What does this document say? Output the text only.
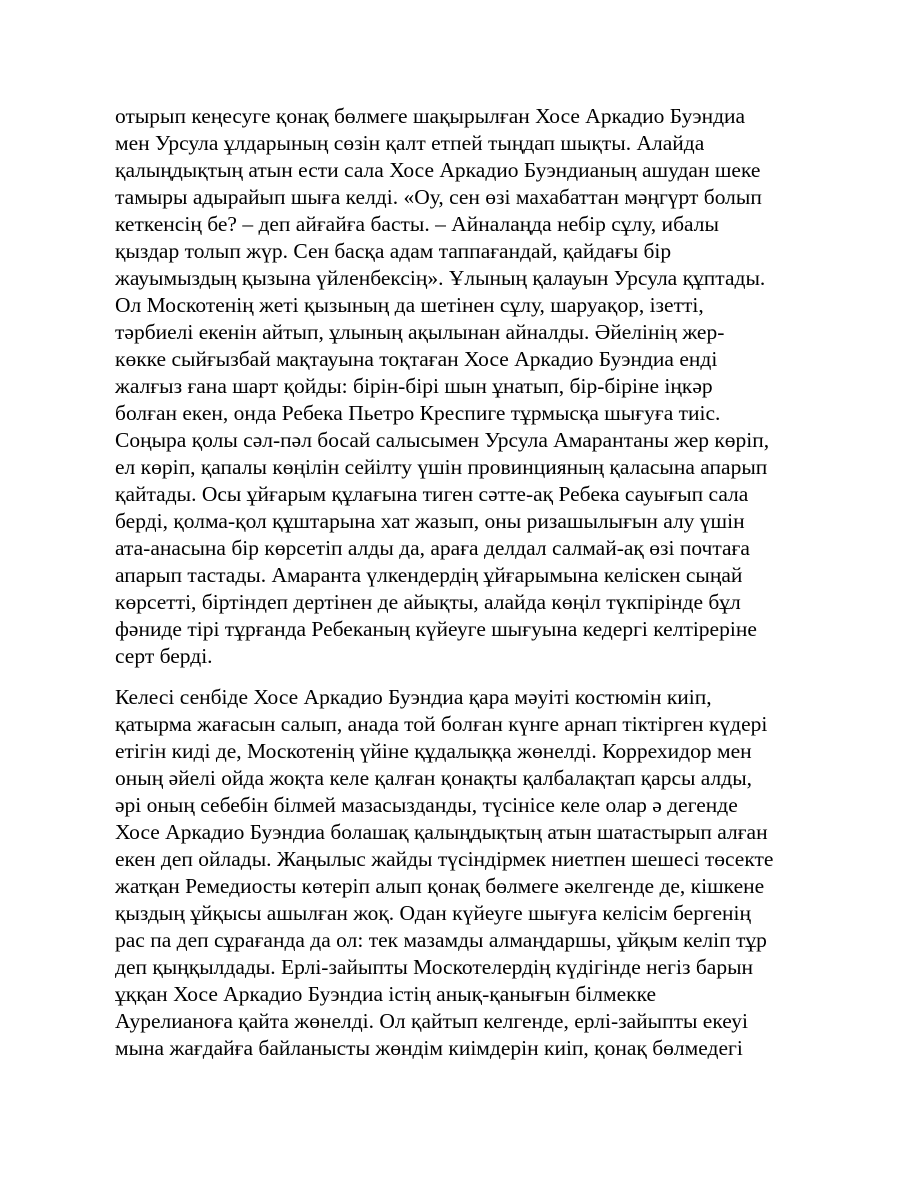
отырып кеңесуге қонақ бөлмеге шақырылған Хосе Аркадио Буэндиа
мен Урсула ұлдарының сөзін қалт етпей тыңдап шықты. Алайда
қалыңдықтың атын ести сала Хосе Аркадио Буэндианың ашудан шеке
тамыры адырайып шыға келді. «Оу, сен өзі махабаттан мәңгүрт болып
кеткенсің бе? – деп айғайға басты. – Айналаңда небір сұлу, ибалы
қыздар толып жүр. Сен басқа адам таппағандай, қайдағы бір
жауымыздың қызына үйленбексің». Ұлының қалауын Урсула құптады.
Ол Москотенің жеті қызының да шетінен сұлу, шаруақор, ізетті,
тәрбиелі екенін айтып, ұлының ақылынан айналды. Әйелінің жер-
көкке сыйғызбай мақтауына тоқтаған Хосе Аркадио Буэндиа енді
жалғыз ғана шарт қойды: бірін-бірі шын ұнатып, бір-біріне іңкәр
болған екен, онда Ребека Пьетро Креспиге тұрмысқа шығуға тиіс.
Соңыра қолы сәл-пәл босай салысымен Урсула Амарантаны жер көріп,
ел көріп, қапалы көңілін сейілту үшін провинцияның қаласына апарып
қайтады. Осы ұйғарым құлағына тиген сәтте-ақ Ребека сауығып сала
берді, қолма-қол құштарына хат жазып, оны ризашылығын алу үшін
ата-анасына бір көрсетіп алды да, араға делдал салмай-ақ өзі почтаға
апарып тастады. Амаранта үлкендердің ұйғарымына келіскен сыңай
көрсетті, біртіндеп дертінен де айықты, алайда көңіл түкпірінде бұл
фәниде тірі тұрғанда Ребеканың күйеуге шығуына кедергі келтіреріне
серт берді.

Келесі сенбіде Хосе Аркадио Буэндиа қара мәуіті костюмін киіп,
қатырма жағасын салып, анада той болған күнге арнап тіктірген күдері
етігін киді де, Москотенің үйіне құдалыққа жөнелді. Коррехидор мен
оның әйелі ойда жоқта келе қалған қонақты қалбалақтап қарсы алды,
әрі оның себебін білмей мазасызданды, түсінісе келе олар ә дегенде
Хосе Аркадио Буэндиа болашақ қалыңдықтың атын шатастырып алған
екен деп ойлады. Жаңылыс жайды түсіндірмек ниетпен шешесі төсекте
жатқан Ремедиосты көтеріп алып қонақ бөлмеге әкелгенде де, кішкене
қыздың ұйқысы ашылған жоқ. Одан күйеуге шығуға келісім бергенің
рас па деп сұрағанда да ол: тек мазамды алмаңдаршы, ұйқым келіп тұр
деп қыңқылдады. Ерлі-зайыпты Москотелердің күдігінде негіз барын
ұққан Хосе Аркадио Буэндиа істің анық-қанығын білмекке
Аурелианоға қайта жөнелді. Ол қайтып келгенде, ерлі-зайыпты екеуі
мына жағдайға байланысты жөндім киімдерін киіп, қонақ бөлмедегі
